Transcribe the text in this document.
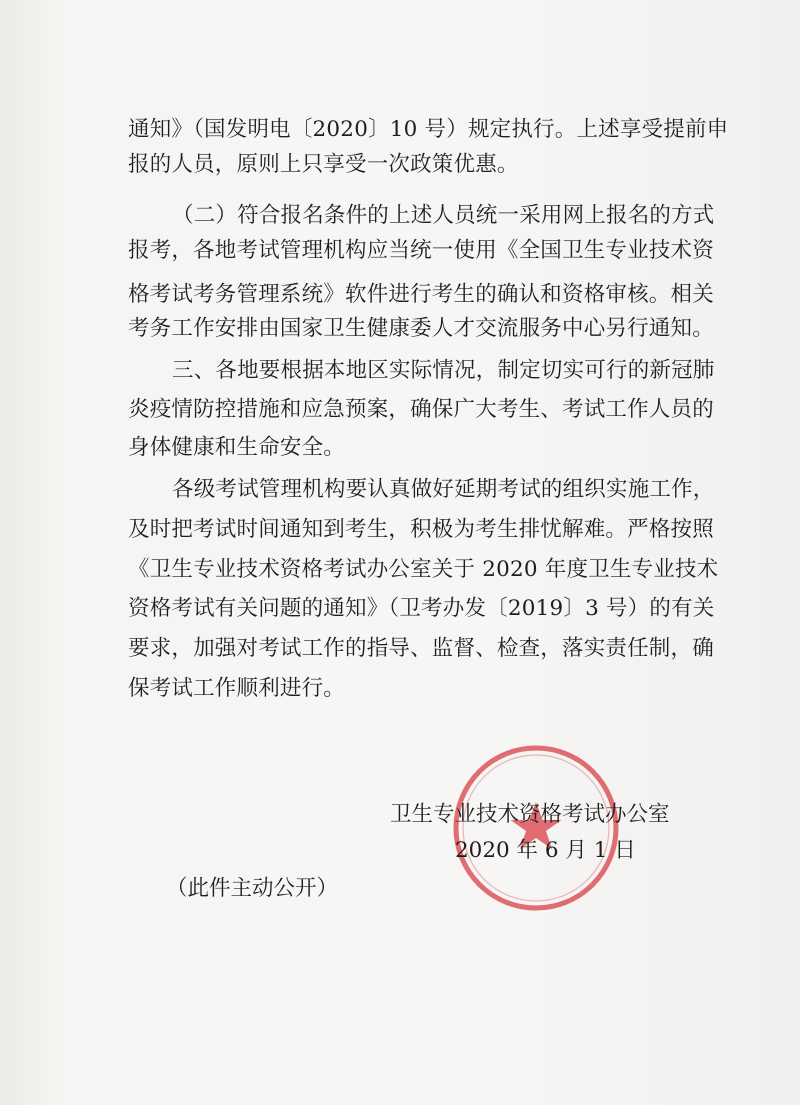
通知》（国发明电〔2020〕10 号）规定执行。上述享受提前申
报的人员，原则上只享受一次政策优惠。
（二）符合报名条件的上述人员统一采用网上报名的方式
报考，各地考试管理机构应当统一使用《全国卫生专业技术资
格考试考务管理系统》软件进行考生的确认和资格审核。相关
考务工作安排由国家卫生健康委人才交流服务中心另行通知。
三、各地要根据本地区实际情况，制定切实可行的新冠肺
炎疫情防控措施和应急预案，确保广大考生、考试工作人员的
身体健康和生命安全。
各级考试管理机构要认真做好延期考试的组织实施工作，
及时把考试时间通知到考生，积极为考生排忧解难。严格按照
《卫生专业技术资格考试办公室关于 2020 年度卫生专业技术
资格考试有关问题的通知》（卫考办发〔2019〕3 号）的有关
要求，加强对考试工作的指导、监督、检查，落实责任制，确
保考试工作顺利进行。
卫生专业技术资格考试办公室
2020 年 6 月 1 日
（此件主动公开）
